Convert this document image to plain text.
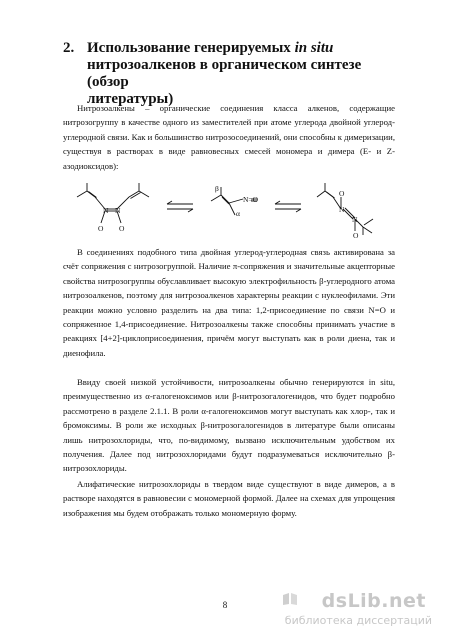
2. Использование генерируемых in situ
нитрозоалкенов в органическом синтезе (обзор
литературы)
Нитрозоалкены – органические соединения класса алкенов, содержащие нитрозогруппу в качестве одного из заместителей при атоме углерода двойной углерод-углеродной связи. Как и большинство нитрозосоединений, они способны к димеризации, существуя в растворах в виде равновесных смесей мономера и димера (E- и Z-азодиоксидов):
N N
O O
β
N=O
α	N
N
O
O
В соединениях подобного типа двойная углерод-углеродная связь активирована за счёт сопряжения с нитрозогруппой. Наличие π-сопряжения и значительные акцепторные свойства нитрозогруппы обуславливает высокую электрофильность β-углеродного атома нитрозоалкенов, поэтому для нитрозоалкенов характерны реакции с нуклеофилами. Эти реакции можно условно разделить на два типа: 1,2-присоединение по связи N=O и сопряженное 1,4-присоединение. Нитрозоалкены также способны принимать участие в реакциях [4+2]-циклоприсоединения, причём могут выступать как в роли диена, так и диенофила.
Ввиду своей низкой устойчивости, нитрозоалкены обычно генерируются in situ, преимущественно из α-галогеноксимов или β-нитрозогалогенидов, что будет подробно рассмотрено в разделе 2.1.1. В роли α-галогеноксимов могут выступать как хлор-, так и бромоксимы. В роли же исходных β-нитрозогалогенидов в литературе были описаны лишь нитрозохлориды, что, по-видимому, вызвано исключительным удобством их получения. Далее под нитрозохлоридами будут подразумеваться исключительно β-нитрозохлориды.
Алифатические нитрозохлориды в твердом виде существуют в виде димеров, а в растворе находятся в равновесии с мономерной формой. Далее на схемах для упрощения изображения мы будем отображать только мономерную форму.
8	dsLib.net
библиотека диссертаций
